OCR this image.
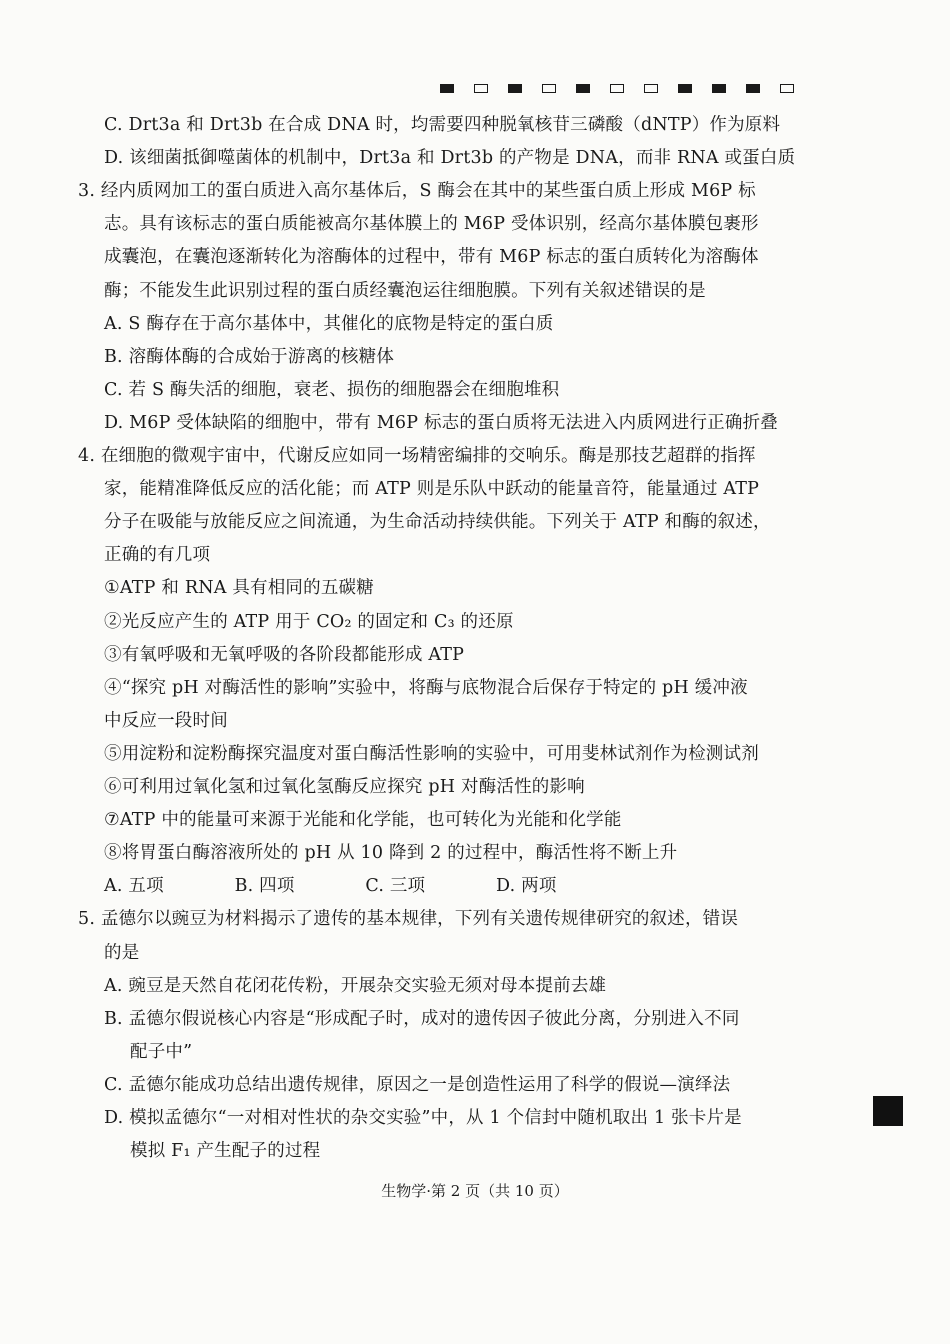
C. Drt3a 和 Drt3b 在合成 DNA 时，均需要四种脱氧核苷三磷酸（dNTP）作为原料
D. 该细菌抵御噬菌体的机制中，Drt3a 和 Drt3b 的产物是 DNA，而非 RNA 或蛋白质
3. 经内质网加工的蛋白质进入高尔基体后，S 酶会在其中的某些蛋白质上形成 M6P 标
志。具有该标志的蛋白质能被高尔基体膜上的 M6P 受体识别，经高尔基体膜包裹形
成囊泡，在囊泡逐渐转化为溶酶体的过程中，带有 M6P 标志的蛋白质转化为溶酶体
酶；不能发生此识别过程的蛋白质经囊泡运往细胞膜。下列有关叙述错误的是
A. S 酶存在于高尔基体中，其催化的底物是特定的蛋白质
B. 溶酶体酶的合成始于游离的核糖体
C. 若 S 酶失活的细胞，衰老、损伤的细胞器会在细胞堆积
D. M6P 受体缺陷的细胞中，带有 M6P 标志的蛋白质将无法进入内质网进行正确折叠
4. 在细胞的微观宇宙中，代谢反应如同一场精密编排的交响乐。酶是那技艺超群的指挥
家，能精准降低反应的活化能；而 ATP 则是乐队中跃动的能量音符，能量通过 ATP
分子在吸能与放能反应之间流通，为生命活动持续供能。下列关于 ATP 和酶的叙述，
正确的有几项
①ATP 和 RNA 具有相同的五碳糖
②光反应产生的 ATP 用于 CO₂ 的固定和 C₃ 的还原
③有氧呼吸和无氧呼吸的各阶段都能形成 ATP
④“探究 pH 对酶活性的影响”实验中，将酶与底物混合后保存于特定的 pH 缓冲液
中反应一段时间
⑤用淀粉和淀粉酶探究温度对蛋白酶活性影响的实验中，可用斐林试剂作为检测试剂
⑥可利用过氧化氢和过氧化氢酶反应探究 pH 对酶活性的影响
⑦ATP 中的能量可来源于光能和化学能，也可转化为光能和化学能
⑧将胃蛋白酶溶液所处的 pH 从 10 降到 2 的过程中，酶活性将不断上升
A. 五项　　　　B. 四项　　　　C. 三项　　　　D. 两项
5. 孟德尔以豌豆为材料揭示了遗传的基本规律，下列有关遗传规律研究的叙述，错误
的是
A. 豌豆是天然自花闭花传粉，开展杂交实验无须对母本提前去雄
B. 孟德尔假说核心内容是“形成配子时，成对的遗传因子彼此分离，分别进入不同
配子中”
C. 孟德尔能成功总结出遗传规律，原因之一是创造性运用了科学的假说—演绎法
D. 模拟孟德尔“一对相对性状的杂交实验”中，从 1 个信封中随机取出 1 张卡片是
模拟 F₁ 产生配子的过程
生物学·第 2 页（共 10 页）
